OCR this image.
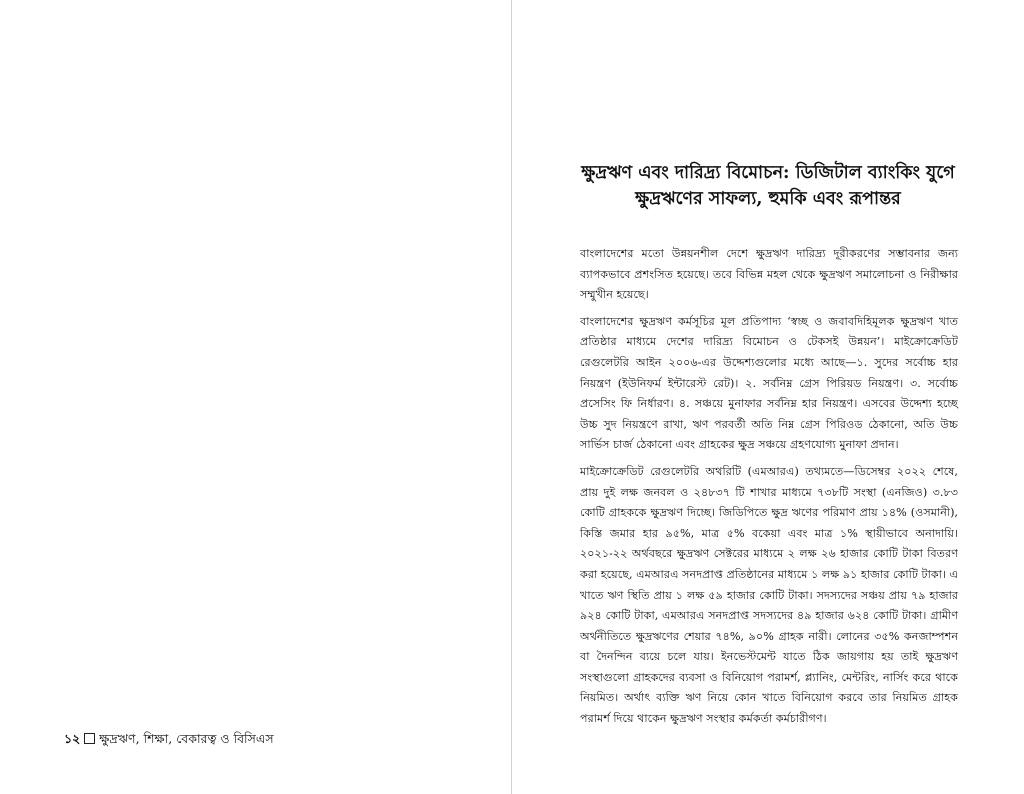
১২ ক্ষুদ্রঋণ, শিক্ষা, বেকারত্ব ও বিসিএস
ক্ষুদ্রঋণ এবং দারিদ্র্য বিমোচন: ডিজিটাল ব্যাংকিং যুগে
ক্ষুদ্রঋণের সাফল্য, হুমকি এবং রূপান্তর

বাংলাদেশের মতো উন্নয়নশীল দেশে ক্ষুদ্রঋণ দারিদ্র্য দূরীকরণের সম্ভাবনার জন্য ব্যাপকভাবে প্রশংসিত হয়েছে। তবে বিভিন্ন মহল থেকে ক্ষুদ্রঋণ সমালোচনা ও নিরীক্ষার সম্মুখীন হয়েছে।

বাংলাদেশের ক্ষুদ্রঋণ কর্মসূচির মূল প্রতিপাদ্য ‘স্বচ্ছ ও জবাবদিহিমূলক ক্ষুদ্রঋণ খাত প্রতিষ্ঠার মাধ্যমে দেশের দারিদ্র্য বিমোচন ও টেকসই উন্নয়ন’। মাইক্রোক্রেডিট রেগুলেটরি আইন ২০০৬-এর উদ্দেশ্যগুলোর মধ্যে আছে—১. সুদের সর্বোচ্চ হার নিয়ন্ত্রণ (ইউনিফর্ম ইন্টারেস্ট রেট)। ২. সর্বনিম্ন গ্রেস পিরিয়ড নিয়ন্ত্রণ। ৩. সর্বোচ্চ প্রসেসিং ফি নির্ধারণ। ৪. সঞ্চয়ে মুনাফার সর্বনিম্ন হার নিয়ন্ত্রণ। এসবের উদ্দেশ্য হচ্ছে উচ্চ সুদ নিয়ন্ত্রণে রাখা, ঋণ পরবর্তী অতি নিম্ন গ্রেস পিরিওড ঠেকানো, অতি উচ্চ সার্ভিস চার্জ ঠেকানো এবং গ্রাহকের ক্ষুদ্র সঞ্চয়ে গ্রহণযোগ্য মুনাফা প্রদান।

মাইক্রোক্রেডিট রেগুলেটরি অথরিটি (এমআরএ) তথ্যমতে—ডিসেম্বর ২০২২ শেষে, প্রায় দুই লক্ষ জনবল ও ২৪৮৩৭ টি শাখার মাধ্যমে ৭৩৮টি সংস্থা (এনজিও) ৩.৮৩ কোটি গ্রাহককে ক্ষুদ্রঋণ দিচ্ছে। জিডিপিতে ক্ষুদ্র ঋণের পরিমাণ প্রায় ১৪% (ওসমানী), কিস্তি জমার হার ৯৫%, মাত্র ৫% বকেয়া এবং মাত্র ১% স্থায়ীভাবে অনাদায়ি। ২০২১-২২ অর্থবছরে ক্ষুদ্রঋণ সেক্টরের মাধ্যমে ২ লক্ষ ২৬ হাজার কোটি টাকা বিতরণ করা হয়েছে, এমআরএ সনদপ্রাপ্ত প্রতিষ্ঠানের মাধ্যমে ১ লক্ষ ৯১ হাজার কোটি টাকা। এ খাতে ঋণ স্থিতি প্রায় ১ লক্ষ ৫৯ হাজার কোটি টাকা। সদস্যদের সঞ্চয় প্রায় ৭৯ হাজার ৯২৪ কোটি টাকা, এমআরএ সনদপ্রাপ্ত সদস্যদের ৪৯ হাজার ৬২৪ কোটি টাকা। গ্রামীণ অর্থনীতিতে ক্ষুদ্রঋণের শেয়ার ৭৪%, ৯০% গ্রাহক নারী। লোনের ৩৫% কনজাম্পশন বা দৈনন্দিন ব্যয়ে চলে যায়। ইনভেস্টমেন্ট যাতে ঠিক জায়গায় হয় তাই ক্ষুদ্রঋণ সংস্থাগুলো গ্রাহকদের ব্যবসা ও বিনিয়োগ পরামর্শ, প্ল্যানিং, মেন্টরিং, নার্সিং করে থাকে নিয়মিত। অর্থাৎ ব্যক্তি ঋণ নিয়ে কোন খাতে বিনিয়োগ করবে তার নিয়মিত গ্রাহক পরামর্শ দিয়ে থাকেন ক্ষুদ্রঋণ সংস্থার কর্মকর্তা কর্মচারীগণ।
